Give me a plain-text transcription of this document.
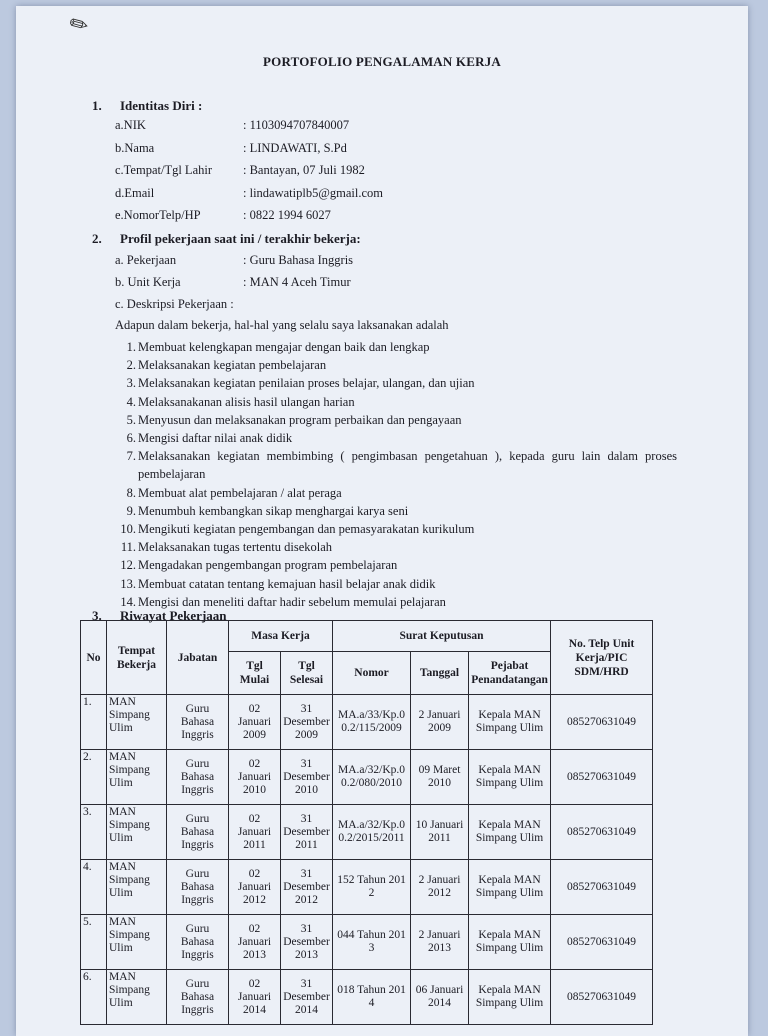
✎
PORTOFOLIO PENGALAMAN KERJA
1. Identitas Diri :
a.NIK	: 1103094707840007
b.Nama	: LINDAWATI, S.Pd
c.Tempat/Tgl Lahir : Bantayan, 07 Juli 1982
d.Email	: lindawatiplb5@gmail.com
e.NomorTelp/HP	: 0822 1994 6027
2. Profil pekerjaan saat ini / terakhir bekerja:
a. Pekerjaan	: Guru Bahasa Inggris
b. Unit Kerja	: MAN 4 Aceh Timur
c. Deskripsi Pekerjaan :
Adapun dalam bekerja, hal-hal yang selalu saya laksanakan adalah
1 . Membuat kelengkapan mengajar dengan baik dan lengkap
2 . Melaksanakan kegiatan pembelajaran
3 . Melaksanakan kegiatan penilaian proses belajar, ulangan, dan ujian
4 . Melaksanakanan alisis hasil ulangan harian
5 . Menyusun dan melaksanakan program perbaikan dan pengayaan
6 . Mengisi daftar nilai anak didik
7 . Melaksanakan kegiatan membimbing ( pengimbasan pengetahuan ), kepada guru lain dalam proses pembelajaran
8 . Membuat alat pembelajaran / alat peraga
9 . Menumbuh kembangkan sikap menghargai karya seni
10 . Mengikuti kegiatan pengembangan dan pemasyarakatan kurikulum
11 . Melaksanakan tugas tertentu disekolah
12 . Mengadakan pengembangan program pembelajaran
13 . Membuat catatan tentang kemajuan hasil belajar anak didik
14 . Mengisi dan meneliti daftar hadir sebelum memulai pelajaran
3. Riwayat Pekerjaan
No	Tempat Bekerja	Jabatan	Masa Kerja		Surat Keputusan			No. Telp Unit Kerja/PIC SDM/HRD
			Tgl Mulai	Tgl Selesai	Nomor	Tanggal	Pejabat Penandatangan	
1.	MAN Simpang Ulim	Guru Bahasa Inggris	02 Januari 2009	31 Desember 2009	MA.a/33/Kp.00.2/115/2009	2 Januari 2009	Kepala MAN Simpang Ulim	085270631049
2.	MAN Simpang Ulim	Guru Bahasa Inggris	02 Januari 2010	31 Desember 2010	MA.a/32/Kp.00.2/080/2010	09 Maret 2010	Kepala MAN Simpang Ulim	085270631049
3.	MAN Simpang Ulim	Guru Bahasa Inggris	02 Januari 2011	31 Desember 2011	MA.a/32/Kp.00.2/2015/2011	10 Januari 2011	Kepala MAN Simpang Ulim	085270631049
4.	MAN Simpang Ulim	Guru Bahasa Inggris	02 Januari 2012	31 Desember 2012	152 Tahun 2012	2 Januari 2012	Kepala MAN Simpang Ulim	085270631049
5.	MAN Simpang Ulim	Guru Bahasa Inggris	02 Januari 2013	31 Desember 2013	044 Tahun 2013	2 Januari 2013	Kepala MAN Simpang Ulim	085270631049
6.	MAN Simpang Ulim	Guru Bahasa Inggris	02 Januari 2014	31 Desember 2014	018 Tahun 2014	06 Januari 2014	Kepala MAN Simpang Ulim	085270631049
